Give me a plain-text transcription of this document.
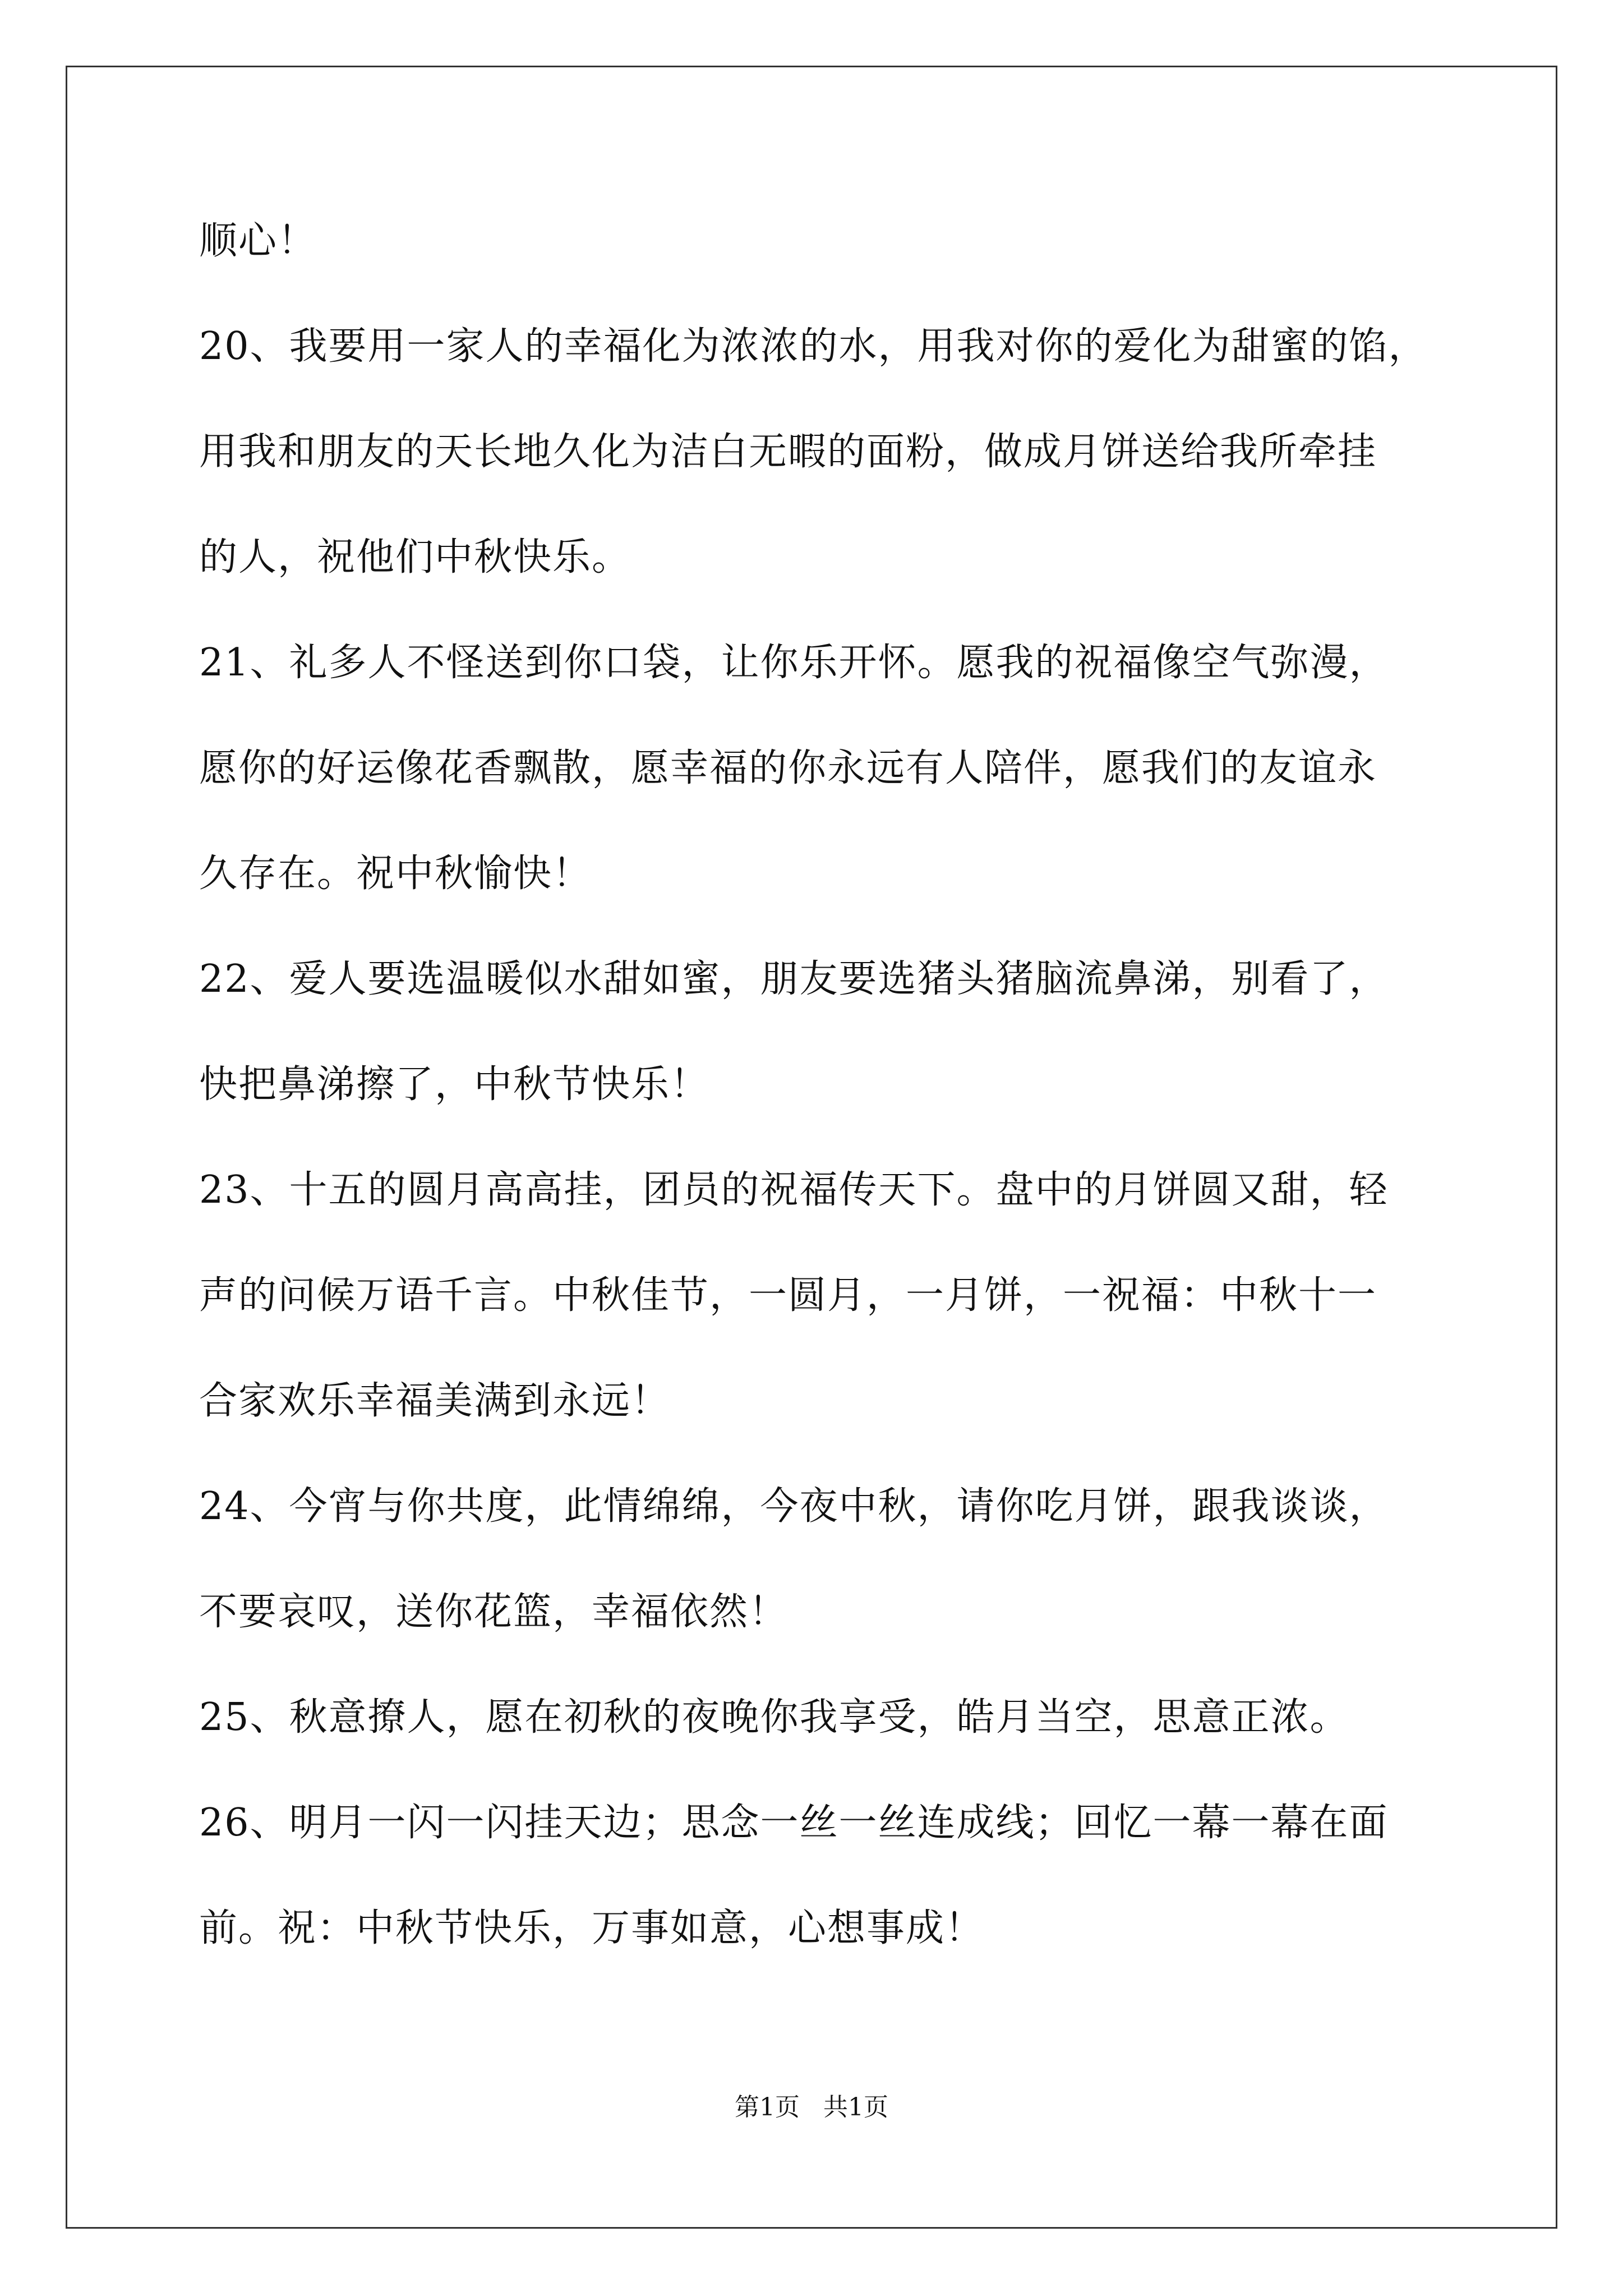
顺心！
20、我要用一家人的幸福化为浓浓的水，用我对你的爱化为甜蜜的馅，
用我和朋友的天长地久化为洁白无暇的面粉，做成月饼送给我所牵挂
的人，祝他们中秋快乐。
21、礼多人不怪送到你口袋，让你乐开怀。愿我的祝福像空气弥漫，
愿你的好运像花香飘散，愿幸福的你永远有人陪伴，愿我们的友谊永
久存在。祝中秋愉快！
22、爱人要选温暖似水甜如蜜，朋友要选猪头猪脑流鼻涕，别看了，
快把鼻涕擦了，中秋节快乐！
23、十五的圆月高高挂，团员的祝福传天下。盘中的月饼圆又甜，轻
声的问候万语千言。中秋佳节，一圆月，一月饼，一祝福：中秋十一
合家欢乐幸福美满到永远！
24、今宵与你共度，此情绵绵，今夜中秋，请你吃月饼，跟我谈谈，
不要哀叹，送你花篮，幸福依然！
25、秋意撩人，愿在初秋的夜晚你我享受，皓月当空，思意正浓。
26、明月一闪一闪挂天边；思念一丝一丝连成线；回忆一幕一幕在面
前。祝：中秋节快乐，万事如意，心想事成！
第1页   共1页
